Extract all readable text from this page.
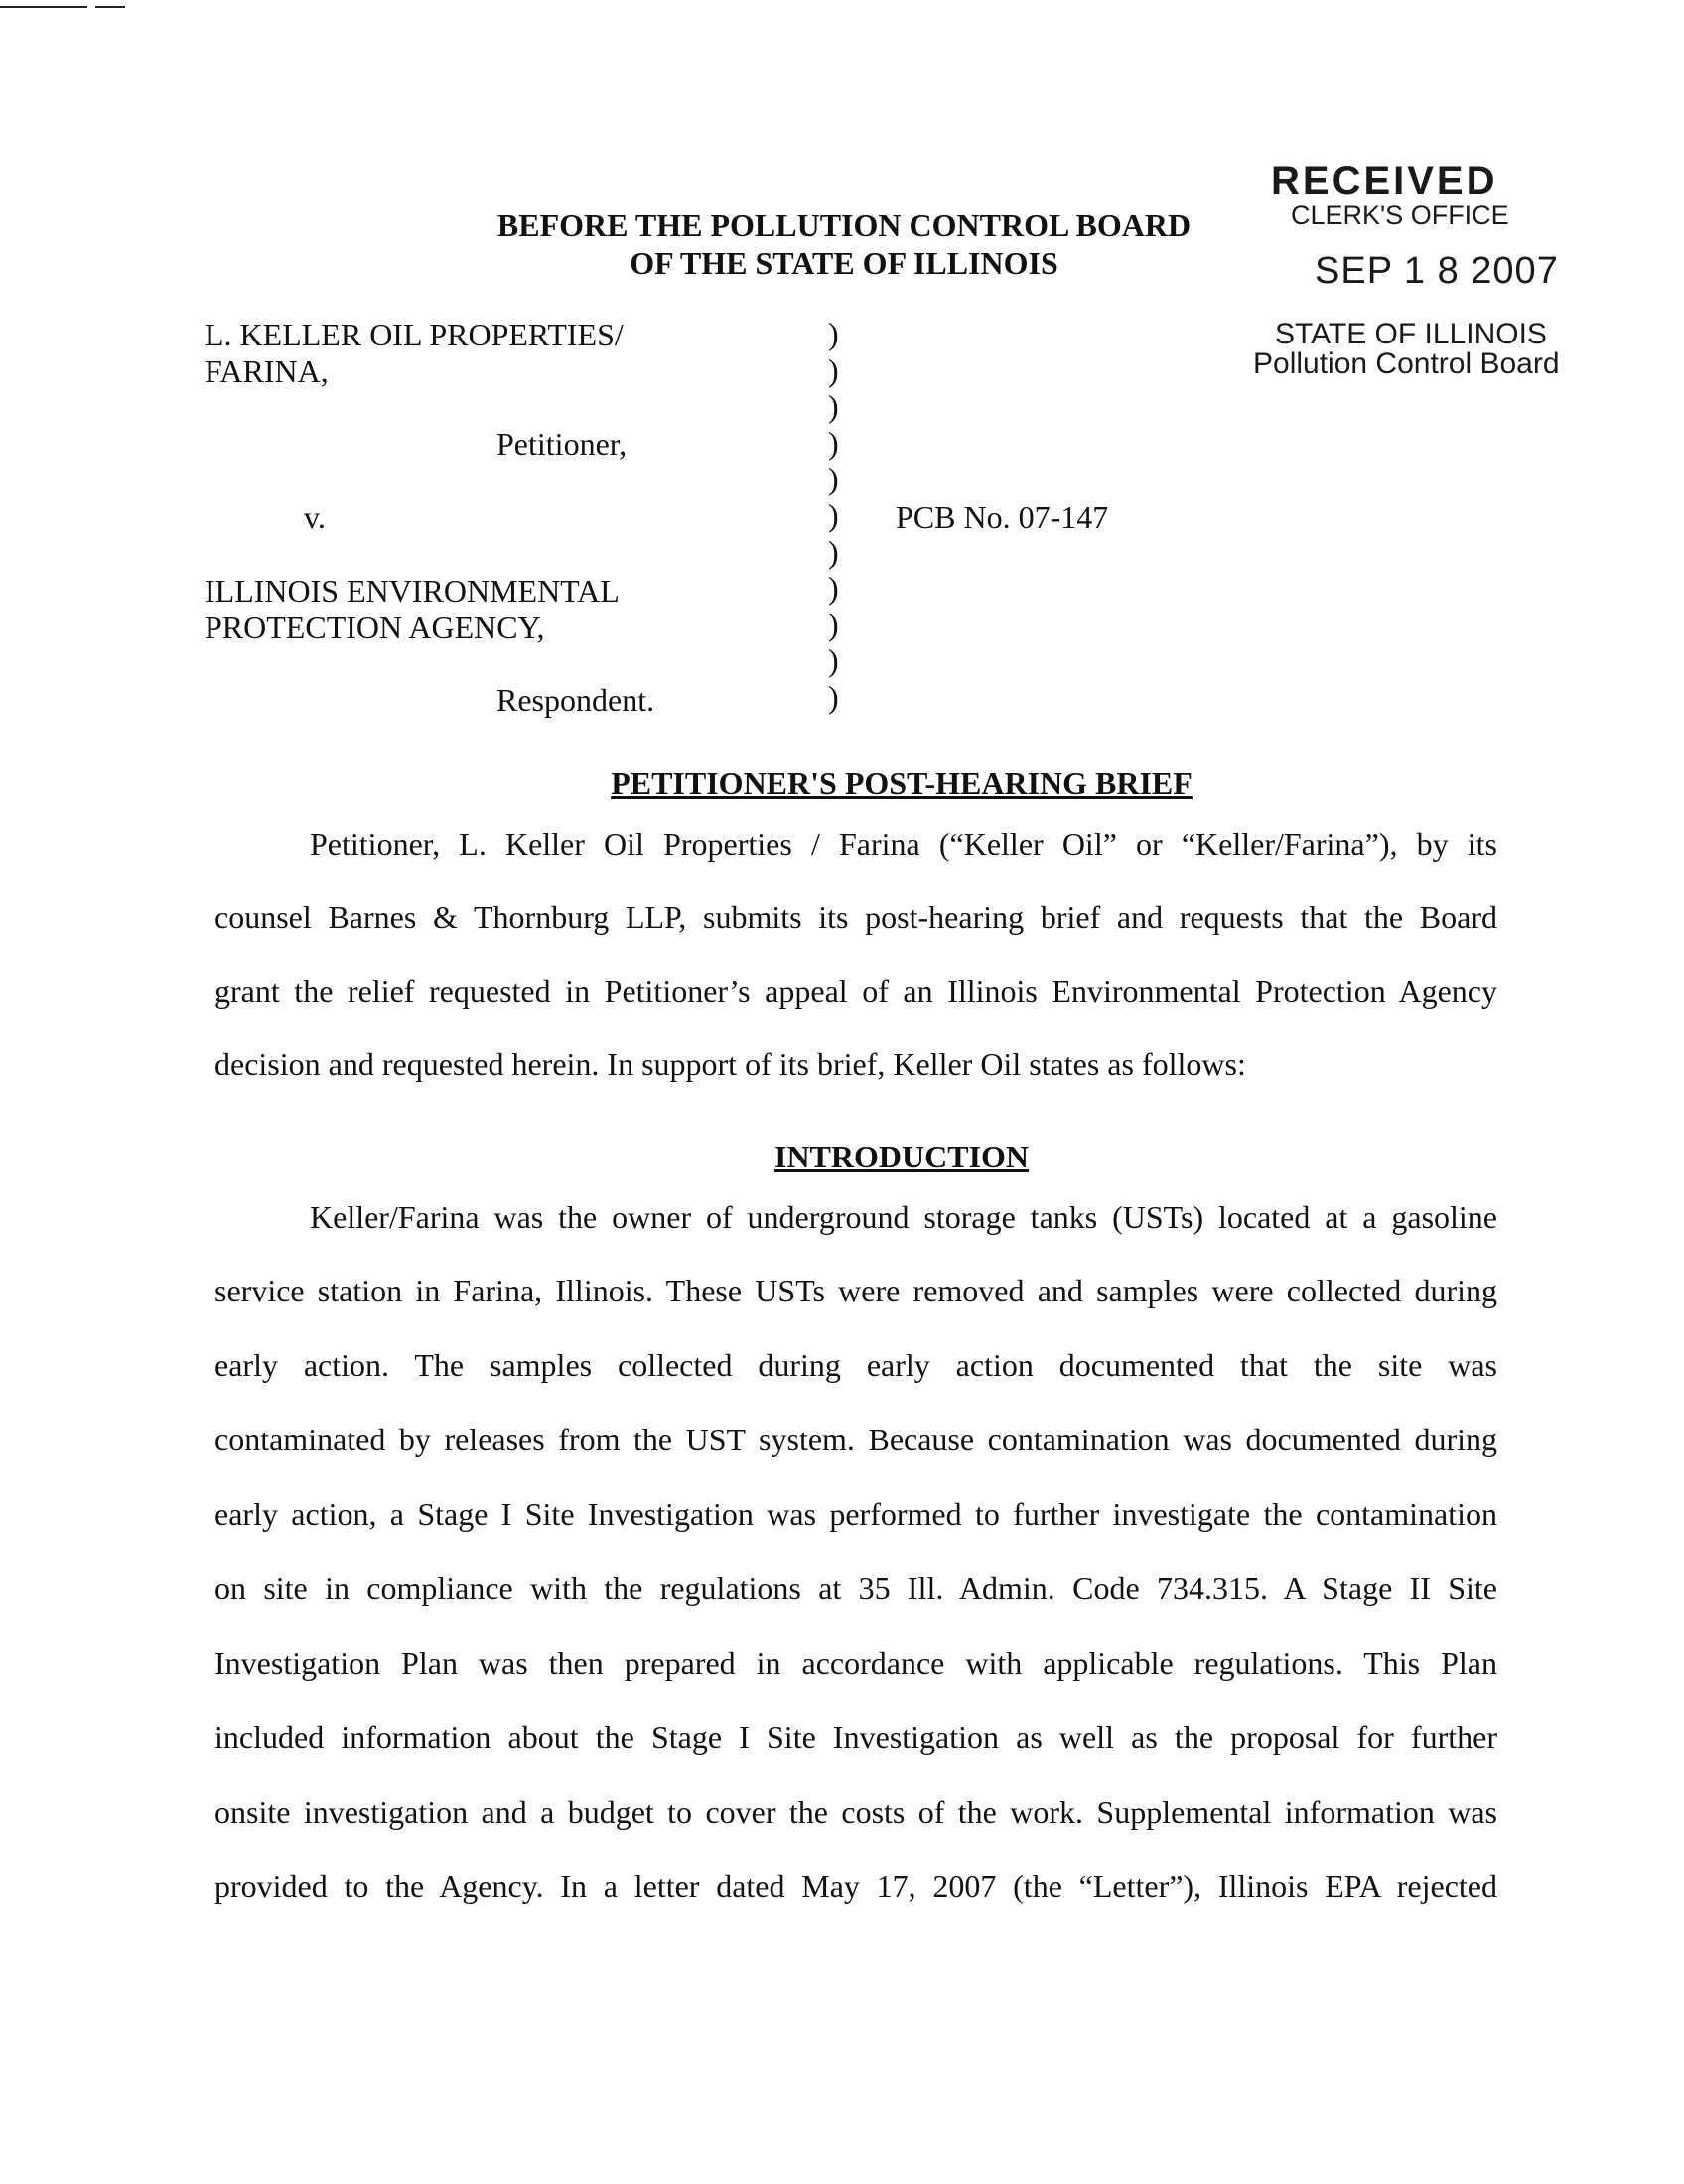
RECEIVED
CLERK'S OFFICE
SEP 1 8 2007
STATE OF ILLINOIS
Pollution Control Board
BEFORE THE POLLUTION CONTROL BOARD
OF THE STATE OF ILLINOIS
L. KELLER OIL PROPERTIES/
FARINA,
Petitioner,
v.
ILLINOIS ENVIRONMENTAL
PROTECTION AGENCY,
Respondent.
)
)
)
)
)
)
)
)
)
)
)
PCB No. 07-147
PETITIONER'S POST-HEARING BRIEF
Petitioner, L. Keller Oil Properties / Farina (“Keller Oil” or “Keller/Farina”), by its
counsel Barnes & Thornburg LLP, submits its post-hearing brief and requests that the Board
grant the relief requested in Petitioner’s appeal of an Illinois Environmental Protection Agency
decision and requested herein. In support of its brief, Keller Oil states as follows:
INTRODUCTION
Keller/Farina was the owner of underground storage tanks (USTs) located at a gasoline
service station in Farina, Illinois. These USTs were removed and samples were collected during
early action. The samples collected during early action documented that the site was
contaminated by releases from the UST system. Because contamination was documented during
early action, a Stage I Site Investigation was performed to further investigate the contamination
on site in compliance with the regulations at 35 Ill. Admin. Code 734.315. A Stage II Site
Investigation Plan was then prepared in accordance with applicable regulations. This Plan
included information about the Stage I Site Investigation as well as the proposal for further
onsite investigation and a budget to cover the costs of the work. Supplemental information was
provided to the Agency. In a letter dated May 17, 2007 (the “Letter”), Illinois EPA rejected
